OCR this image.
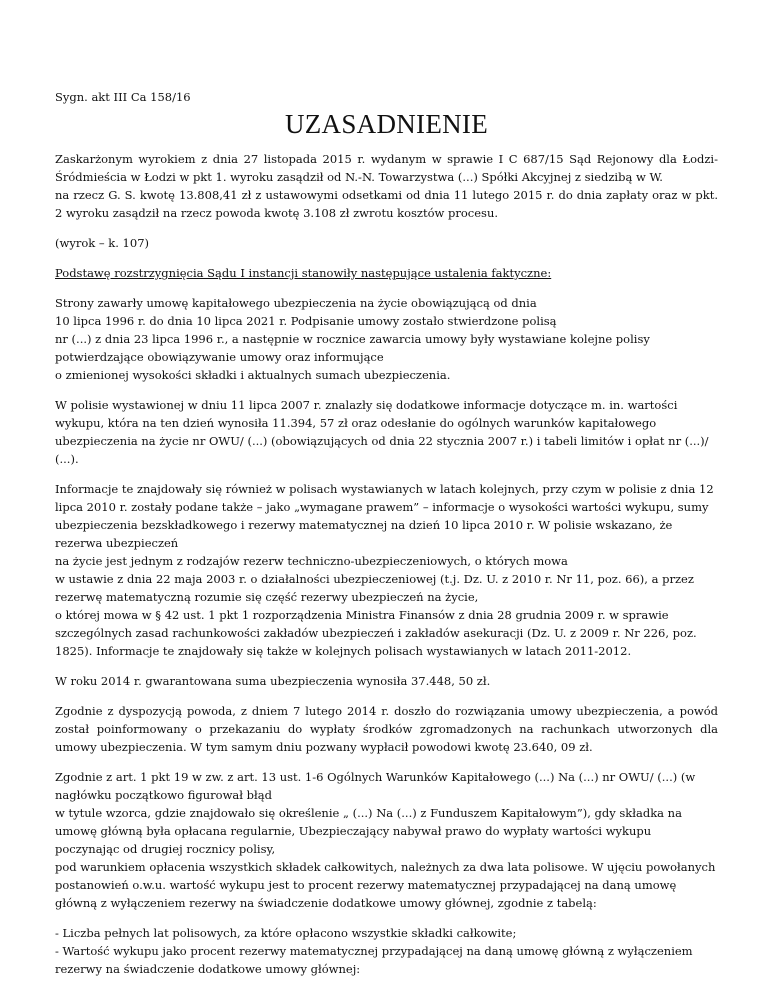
Sygn. akt III Ca 158/16

UZASADNIENIE

Zaskarżonym wyrokiem z dnia 27 listopada 2015 r. wydanym w sprawie I C 687/15 Sąd Rejonowy dla Łodzi-Śródmieścia w Łodzi w pkt 1. wyroku zasądził od N.-N. Towarzystwa (...) Spółki Akcyjnej z siedzibą w W.
na rzecz G. S. kwotę 13.808,41 zł z ustawowymi odsetkami od dnia 11 lutego 2015 r. do dnia zapłaty oraz w pkt. 2 wyroku zasądził na rzecz powoda kwotę 3.108 zł zwrotu kosztów procesu.

(wyrok – k. 107)

Podstawę rozstrzygnięcia Sądu I instancji stanowiły następujące ustalenia faktyczne:

Strony zawarły umowę kapitałowego ubezpieczenia na życie obowiązującą od dnia
10 lipca 1996 r. do dnia 10 lipca 2021 r. Podpisanie umowy zostało stwierdzone polisą
nr (...) z dnia 23 lipca 1996 r., a następnie w rocznice zawarcia umowy były wystawiane kolejne polisy potwierdzające obowiązywanie umowy oraz informujące
o zmienionej wysokości składki i aktualnych sumach ubezpieczenia.

W polisie wystawionej w dniu 11 lipca 2007 r. znalazły się dodatkowe informacje dotyczące m. in. wartości wykupu, która na ten dzień wynosiła 11.394, 57 zł oraz odesłanie do ogólnych warunków kapitałowego ubezpieczenia na życie nr OWU/ (...) (obowiązujących od dnia 22 stycznia 2007 r.) i tabeli limitów i opłat nr (...)/ (...).

Informacje te znajdowały się również w polisach wystawianych w latach kolejnych, przy czym w polisie z dnia 12 lipca 2010 r. zostały podane także – jako „wymagane prawem” – informacje o wysokości wartości wykupu, sumy ubezpieczenia bezskładkowego i rezerwy matematycznej na dzień 10 lipca 2010 r. W polisie wskazano, że rezerwa ubezpieczeń
na życie jest jednym z rodzajów rezerw techniczno-ubezpieczeniowych, o których mowa
w ustawie z dnia 22 maja 2003 r. o działalności ubezpieczeniowej (t.j. Dz. U. z 2010 r. Nr 11, poz. 66), a przez rezerwę matematyczną rozumie się część rezerwy ubezpieczeń na życie,
o której mowa w § 42 ust. 1 pkt 1 rozporządzenia Ministra Finansów z dnia 28 grudnia 2009 r. w sprawie szczególnych zasad rachunkowości zakładów ubezpieczeń i zakładów asekuracji (Dz. U. z 2009 r. Nr 226, poz. 1825). Informacje te znajdowały się także w kolejnych polisach wystawianych w latach 2011-2012.

W roku 2014 r. gwarantowana suma ubezpieczenia wynosiła 37.448, 50 zł.

Zgodnie z dyspozycją powoda, z dniem 7 lutego 2014 r. doszło do rozwiązania umowy ubezpieczenia, a powód został poinformowany o przekazaniu do wypłaty środków zgromadzonych na rachunkach utworzonych dla umowy ubezpieczenia. W tym samym dniu pozwany wypłacił powodowi kwotę 23.640, 09 zł.

Zgodnie z art. 1 pkt 19 w zw. z art. 13 ust. 1-6 Ogólnych Warunków Kapitałowego (...) Na (...) nr OWU/ (...) (w nagłówku początkowo figurował błąd
w tytule wzorca, gdzie znajdowało się określenie „ (...) Na (...) z Funduszem Kapitałowym”), gdy składka na umowę główną była opłacana regularnie, Ubezpieczający nabywał prawo do wypłaty wartości wykupu poczynając od drugiej rocznicy polisy,
pod warunkiem opłacenia wszystkich składek całkowitych, należnych za dwa lata polisowe. W ujęciu powołanych postanowień o.w.u. wartość wykupu jest to procent rezerwy matematycznej przypadającej na daną umowę główną z wyłączeniem rezerwy na świadczenie dodatkowe umowy głównej, zgodnie z tabelą:

- Liczba pełnych lat polisowych, za które opłacono wszystkie składki całkowite;

- Wartość wykupu jako procent rezerwy matematycznej przypadającej na daną umowę główną z wyłączeniem rezerwy na świadczenie dodatkowe umowy głównej:
